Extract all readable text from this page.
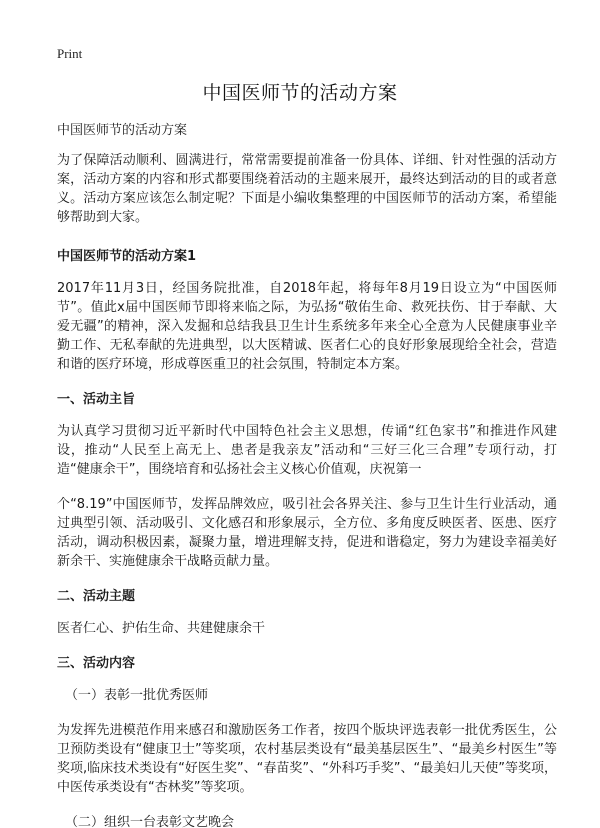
Print
中国医师节的活动方案

中国医师节的活动方案

为了保障活动顺利、圆满进行，常常需要提前准备一份具体、详细、针对性强的活动方案，活动方案的内容和形式都要围绕着活动的主题来展开，最终达到活动的目的或者意义。活动方案应该怎么制定呢？下面是小编收集整理的中国医师节的活动方案，希望能够帮助到大家。

中国医师节的活动方案1

2017年11月3日，经国务院批准，自2018年起，将每年8月19日设立为“中国医师节”。值此x届中国医师节即将来临之际，为弘扬“敬佑生命、救死扶伤、甘于奉献、大爱无疆”的精神，深入发掘和总结我县卫生计生系统多年来全心全意为人民健康事业辛勤工作、无私奉献的先进典型，以大医精诚、医者仁心的良好形象展现给全社会，营造和谐的医疗环境，形成尊医重卫的社会氛围，特制定本方案。

一、活动主旨

为认真学习贯彻习近平新时代中国特色社会主义思想，传诵“红色家书”和推进作风建设，推动“人民至上高无上、患者是我亲友”活动和“三好三化三合理”专项行动，打造“健康余干”，围绕培育和弘扬社会主义核心价值观，庆祝第一

个“8.19”中国医师节，发挥品牌效应，吸引社会各界关注、参与卫生计生行业活动，通过典型引领、活动吸引、文化感召和形象展示，全方位、多角度反映医者、医患、医疗活动，调动积极因素，凝聚力量，增进理解支持，促进和谐稳定，努力为建设幸福美好新余干、实施健康余干战略贡献力量。

二、活动主题

医者仁心、护佑生命、共建健康余干

三、活动内容

（一）表彰一批优秀医师

为发挥先进模范作用来感召和激励医务工作者，按四个版块评选表彰一批优秀医生，公卫预防类设有“健康卫士”等奖项，农村基层类设有“最美基层医生”、“最美乡村医生”等奖项,临床技术类设有“好医生奖”、“春苗奖”、“外科巧手奖”、“最美妇儿天使”等奖项，中医传承类设有“杏林奖”等奖项。

（二）组织一台表彰文艺晚会
